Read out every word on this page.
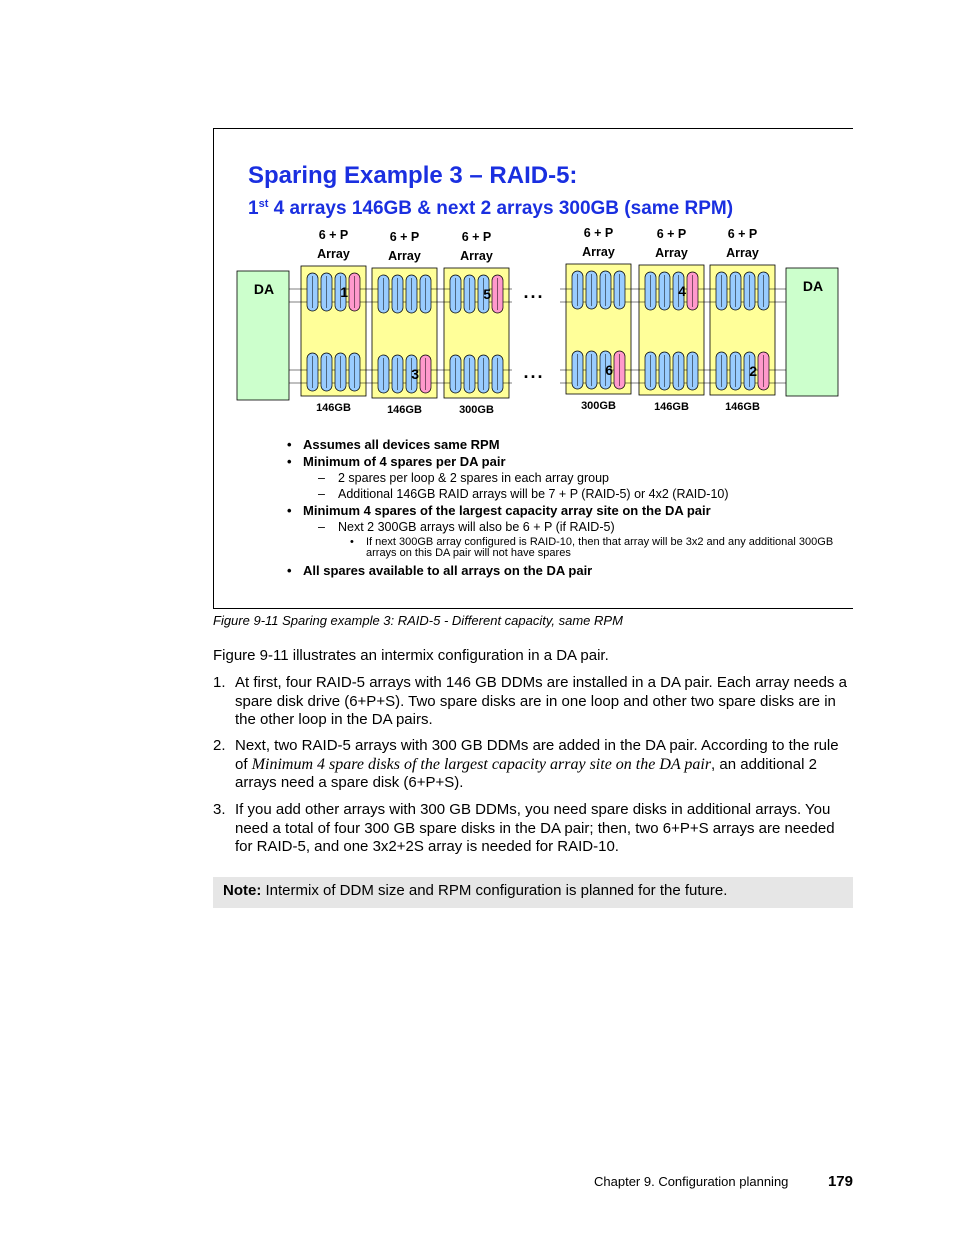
Sparing Example 3 – RAID-5:
1st 4 arrays 146GB & next 2 arrays 300GB (same RPM)
DA	DA
6 + P
Array
146GB
6 + P
Array
146GB
6 + P
Array
300GB
6 + P
Array
300GB
6 + P
Array
146GB
6 + P
Array
146GB
...
...
1
3
5
6
4
2
• Assumes all devices same RPM
• Minimum of 4 spares per DA pair
– 2 spares per loop & 2 spares in each array group
– Additional 146GB RAID arrays will be 7 + P (RAID-5) or 4x2 (RAID-10)
• Minimum 4 spares of the largest capacity array site on the DA pair
– Next 2 300GB arrays will also be 6 + P (if RAID-5)
• If next 300GB array configured is RAID-10, then that array will be 3x2 and any additional 300GB arrays on this DA pair will not have spares
• All spares available to all arrays on the DA pair
Figure 9-11 Sparing example 3: RAID-5 - Different capacity, same RPM
Figure 9-11 illustrates an intermix configuration in a DA pair.
1. At first, four RAID-5 arrays with 146 GB DDMs are installed in a DA pair. Each array needs a spare disk drive (6+P+S). Two spare disks are in one loop and other two spare disks are in the other loop in the DA pairs.
2. Next, two RAID-5 arrays with 300 GB DDMs are added in the DA pair. According to the rule of Minimum 4 spare disks of the largest capacity array site on the DA pair, an additional 2 arrays need a spare disk (6+P+S).
3. If you add other arrays with 300 GB DDMs, you need spare disks in additional arrays. You need a total of four 300 GB spare disks in the DA pair; then, two 6+P+S arrays are needed for RAID-5, and one 3x2+2S array is needed for RAID-10.
Note: Intermix of DDM size and RPM configuration is planned for the future.
Chapter 9. Configuration planning	179
